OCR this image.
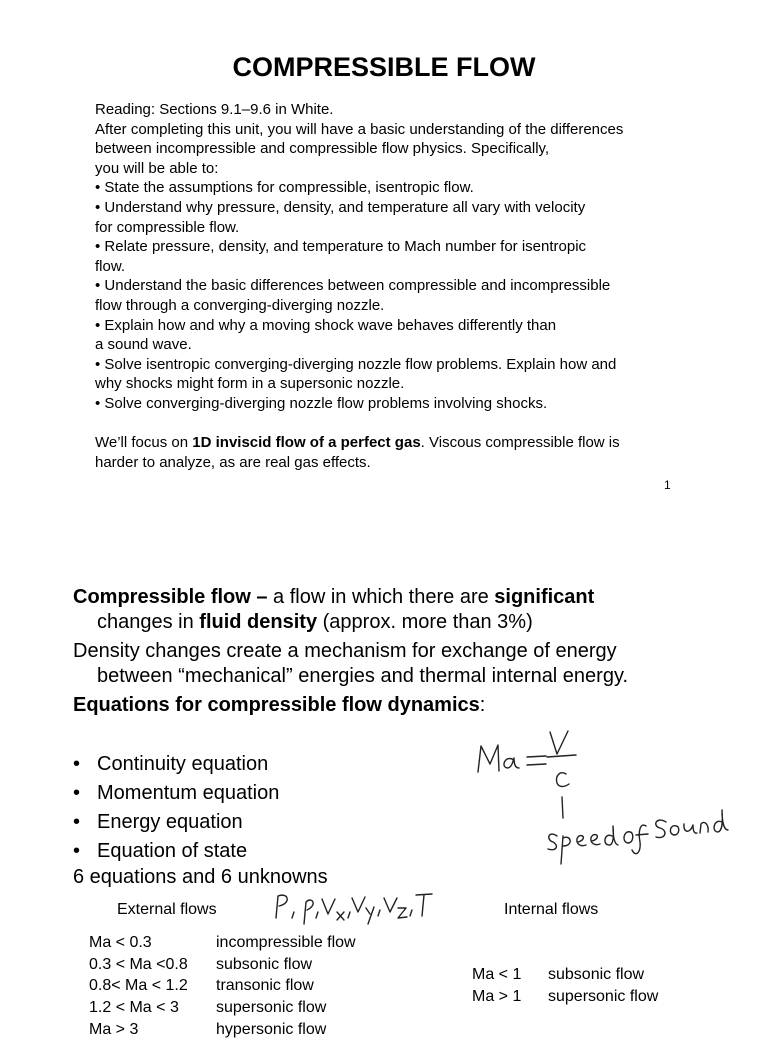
COMPRESSIBLE FLOW
Reading: Sections 9.1–9.6 in White.
After completing this unit, you will have a basic understanding of the differences
between incompressible and compressible flow physics. Specifically,
you will be able to:
• State the assumptions for compressible, isentropic flow.
• Understand why pressure, density, and temperature all vary with velocity
for compressible flow.
• Relate pressure, density, and temperature to Mach number for isentropic
flow.
• Understand the basic differences between compressible and incompressible
flow through a converging-diverging nozzle.
• Explain how and why a moving shock wave behaves differently than
a sound wave.
• Solve isentropic converging-diverging nozzle flow problems. Explain how and
why shocks might form in a supersonic nozzle.
• Solve converging-diverging nozzle flow problems involving shocks.
We’ll focus on 1D inviscid flow of a perfect gas. Viscous compressible flow is
harder to analyze, as are real gas effects.
1
Compressible flow – a flow in which there are significant
changes in fluid density (approx. more than 3%)
Density changes create a mechanism for exchange of energy
between “mechanical” energies and thermal internal energy.
Equations for compressible flow dynamics:
• Continuity equation
• Momentum equation
• Energy equation
• Equation of state
6 equations and 6 unknowns
External flows	Internal flows
Ma < 0.3	incompressible flow
0.3 < Ma <0.8	subsonic flow
0.8< Ma < 1.2	transonic flow
1.2 < Ma < 3	supersonic flow
Ma > 3	hypersonic flow
Ma < 1	subsonic flow
Ma > 1	supersonic flow
